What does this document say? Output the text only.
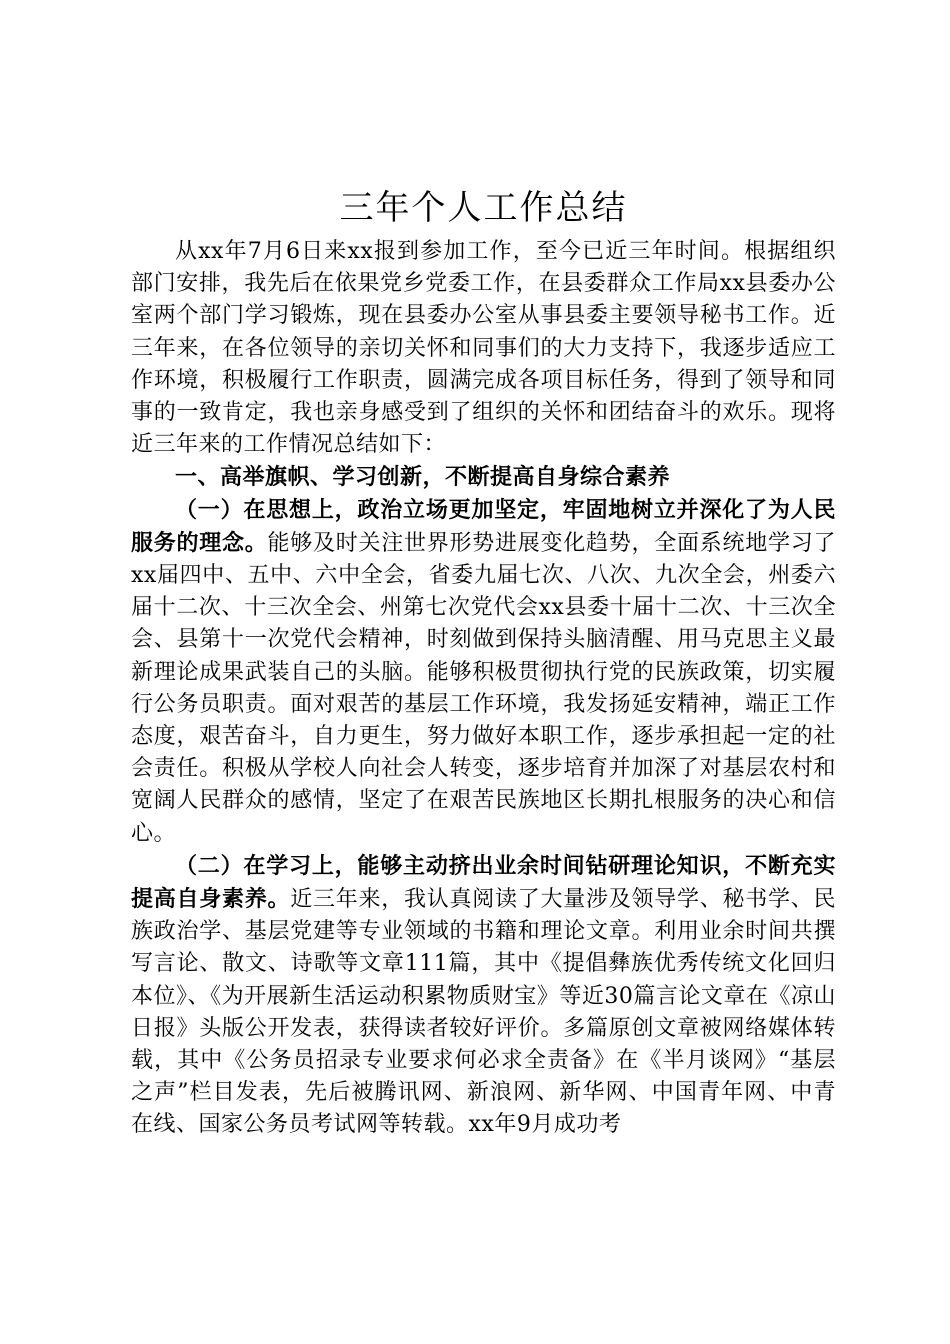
三年个人工作总结

从xx年7月6日来xx报到参加工作，至今已近三年时间。根据组织部门安排，我先后在依果党乡党委工作，在县委群众工作局xx县委办公室两个部门学习锻炼，现在县委办公室从事县委主要领导秘书工作。近三年来，在各位领导的亲切关怀和同事们的大力支持下，我逐步适应工作环境，积极履行工作职责，圆满完成各项目标任务，得到了领导和同事的一致肯定，我也亲身感受到了组织的关怀和团结奋斗的欢乐。现将近三年来的工作情况总结如下：

一、高举旗帜、学习创新，不断提高自身综合素养

（一）在思想上，政治立场更加坚定，牢固地树立并深化了为人民服务的理念。能够及时关注世界形势进展变化趋势，全面系统地学习了xx届四中、五中、六中全会，省委九届七次、八次、九次全会，州委六届十二次、十三次全会、州第七次党代会xx县委十届十二次、十三次全会、县第十一次党代会精神，时刻做到保持头脑清醒、用马克思主义最新理论成果武装自己的头脑。能够积极贯彻执行党的民族政策，切实履行公务员职责。面对艰苦的基层工作环境，我发扬延安精神，端正工作态度，艰苦奋斗，自力更生，努力做好本职工作，逐步承担起一定的社会责任。积极从学校人向社会人转变，逐步培育并加深了对基层农村和宽阔人民群众的感情，坚定了在艰苦民族地区长期扎根服务的决心和信心。

（二）在学习上，能够主动挤出业余时间钻研理论知识，不断充实提高自身素养。近三年来，我认真阅读了大量涉及领导学、秘书学、民族政治学、基层党建等专业领域的书籍和理论文章。利用业余时间共撰写言论、散文、诗歌等文章111篇，其中《提倡彝族优秀传统文化回归本位》、《为开展新生活运动积累物质财宝》等近30篇言论文章在《凉山日报》头版公开发表，获得读者较好评价。多篇原创文章被网络媒体转载，其中《公务员招录专业要求何必求全责备》在《半月谈网》“基层之声”栏目发表，先后被腾讯网、新浪网、新华网、中国青年网、中青在线、国家公务员考试网等转载。xx年9月成功考
